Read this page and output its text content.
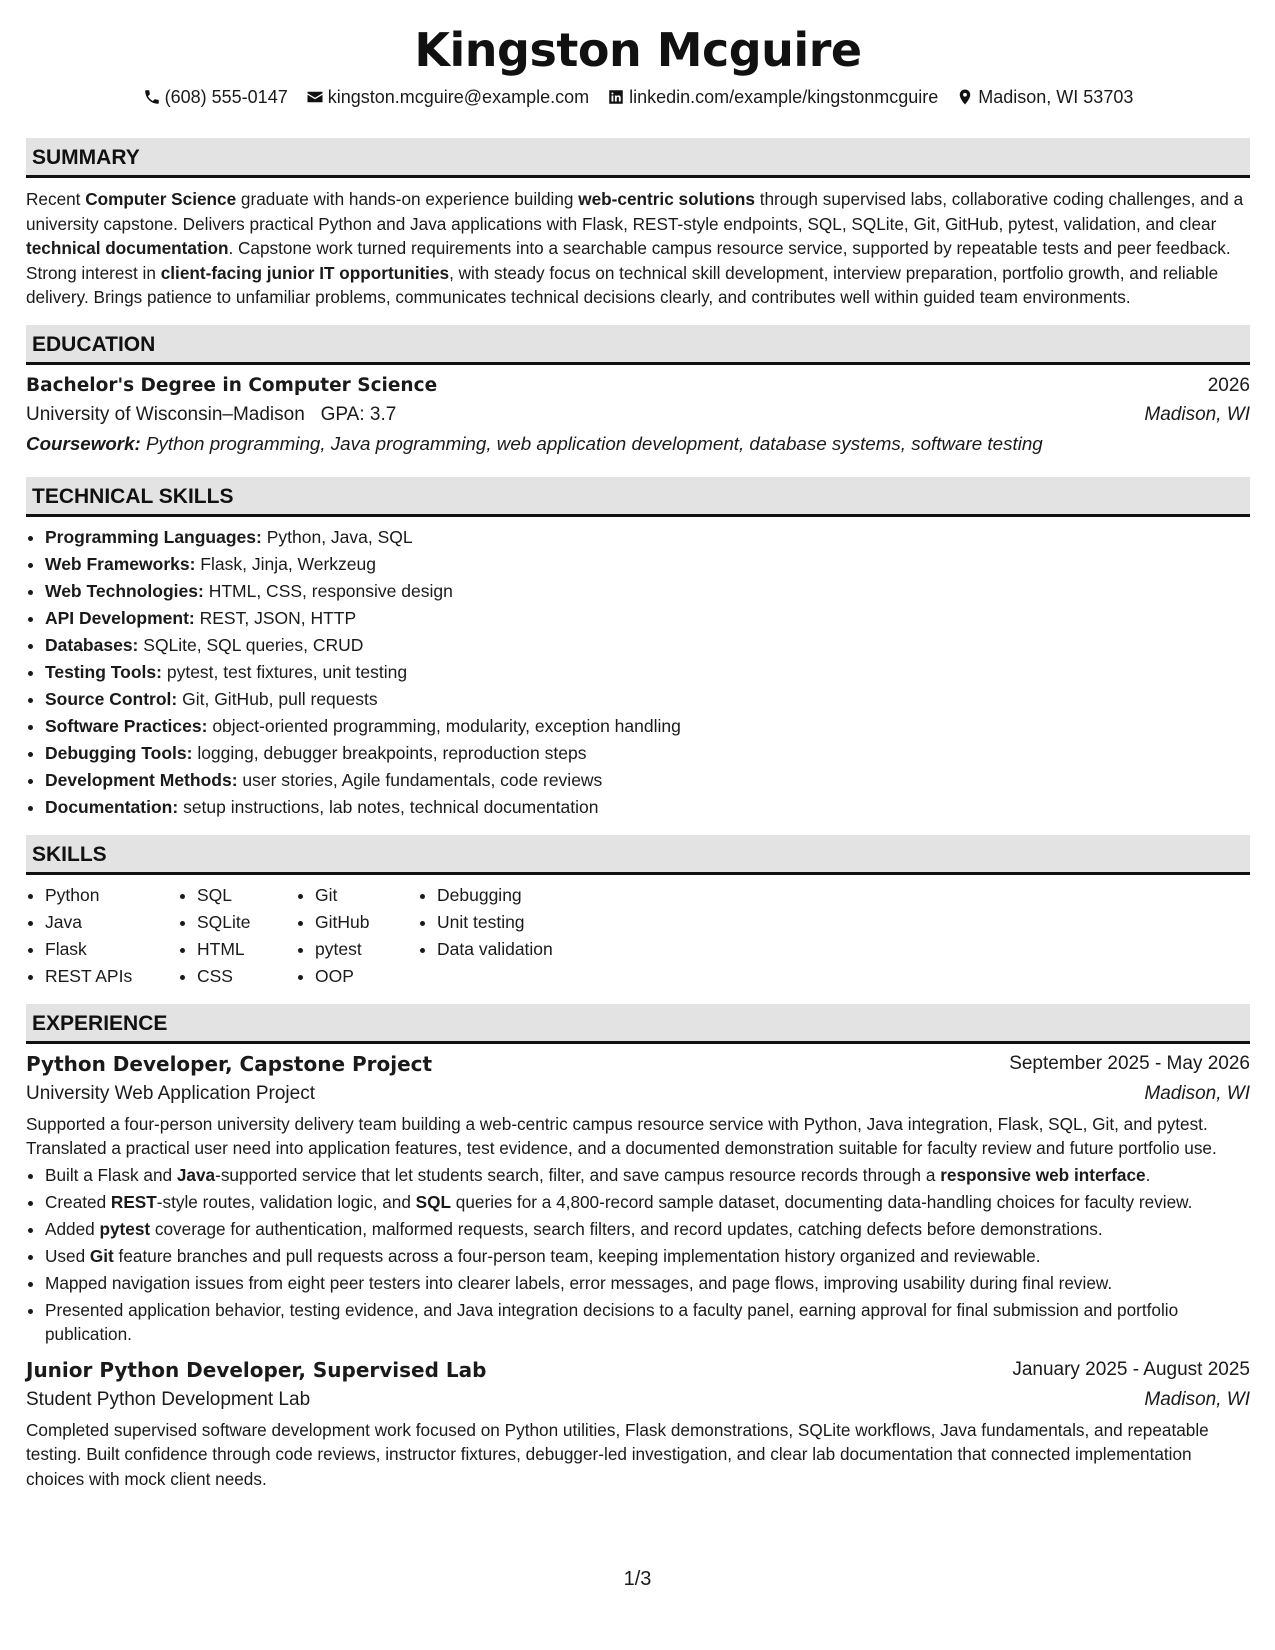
Kingston Mcguire
(608) 555-0147 kingston.mcguire@example.com linkedin.com/example/kingstonmcguire Madison, WI 53703
SUMMARY

Recent Computer Science graduate with hands-on experience building web-centric solutions through supervised labs, collaborative coding challenges, and a university capstone. Delivers practical Python and Java applications with Flask, REST-style endpoints, SQL, SQLite, Git, GitHub, pytest, validation, and clear technical documentation. Capstone work turned requirements into a searchable campus resource service, supported by repeatable tests and peer feedback. Strong interest in client-facing junior IT opportunities, with steady focus on technical skill development, interview preparation, portfolio growth, and reliable delivery. Brings patience to unfamiliar problems, communicates technical decisions clearly, and contributes well within guided team environments.

EDUCATION
Bachelor's Degree in Computer Science	2026
University of Wisconsin–Madison GPA: 3.7	Madison, WI
Coursework: Python programming, Java programming, web application development, database systems, software testing
TECHNICAL SKILLS
• Programming Languages: Python, Java, SQL
• Web Frameworks: Flask, Jinja, Werkzeug
• Web Technologies: HTML, CSS, responsive design
• API Development: REST, JSON, HTTP
• Databases: SQLite, SQL queries, CRUD
• Testing Tools: pytest, test fixtures, unit testing
• Source Control: Git, GitHub, pull requests
• Software Practices: object-oriented programming, modularity, exception handling
• Debugging Tools: logging, debugger breakpoints, reproduction steps
• Development Methods: user stories, Agile fundamentals, code reviews
• Documentation: setup instructions, lab notes, technical documentation
SKILLS
• Python
• Java
• Flask
• REST APIs
• SQL
• SQLite
• HTML
• CSS
• Git
• GitHub
• pytest
• OOP
• Debugging
• Unit testing
• Data validation
EXPERIENCE
Python Developer, Capstone Project	September 2025 - May 2026
University Web Application Project	Madison, WI

Supported a four-person university delivery team building a web-centric campus resource service with Python, Java integration, Flask, SQL, Git, and pytest. Translated a practical user need into application features, test evidence, and a documented demonstration suitable for faculty review and future portfolio use.

• Built a Flask and Java-supported service that let students search, filter, and save campus resource records through a responsive web interface.
• Created REST-style routes, validation logic, and SQL queries for a 4,800-record sample dataset, documenting data-handling choices for faculty review.
• Added pytest coverage for authentication, malformed requests, search filters, and record updates, catching defects before demonstrations.
• Used Git feature branches and pull requests across a four-person team, keeping implementation history organized and reviewable.
• Mapped navigation issues from eight peer testers into clearer labels, error messages, and page flows, improving usability during final review.
• Presented application behavior, testing evidence, and Java integration decisions to a faculty panel, earning approval for final submission and portfolio publication.
Junior Python Developer, Supervised Lab	January 2025 - August 2025
Student Python Development Lab	Madison, WI

Completed supervised software development work focused on Python utilities, Flask demonstrations, SQLite workflows, Java fundamentals, and repeatable testing. Built confidence through code reviews, instructor fixtures, debugger-led investigation, and clear lab documentation that connected implementation choices with mock client needs.

1/3
